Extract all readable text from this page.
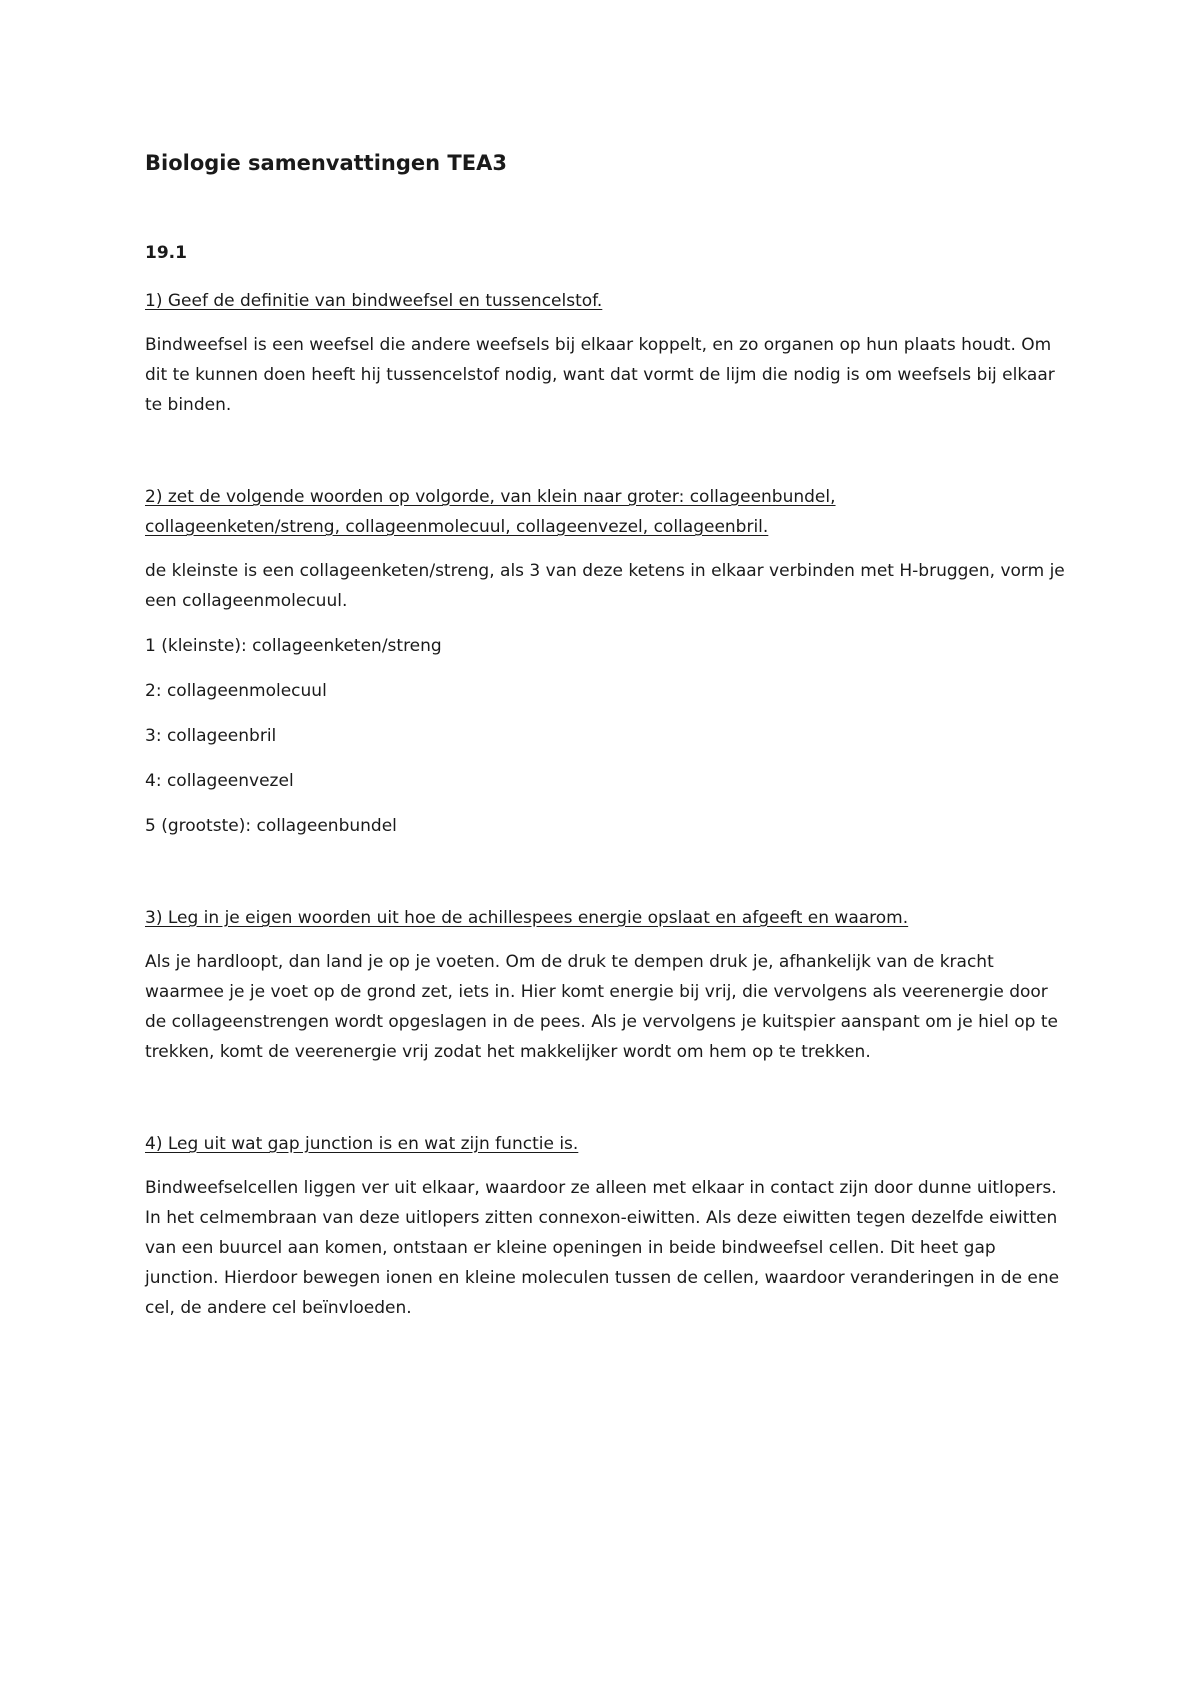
Biologie samenvattingen TEA3

19.1

1) Geef de definitie van bindweefsel en tussencelstof.

Bindweefsel is een weefsel die andere weefsels bij elkaar koppelt, en zo organen op hun plaats houdt. Om dit te kunnen doen heeft hij tussencelstof nodig, want dat vormt de lijm die nodig is om weefsels bij elkaar te binden.

2) zet de volgende woorden op volgorde, van klein naar groter: collageenbundel,

collageenketen/streng, collageenmolecuul, collageenvezel, collageenbril.

de kleinste is een collageenketen/streng, als 3 van deze ketens in elkaar verbinden met H-bruggen, vorm je een collageenmolecuul.

1 (kleinste): collageenketen/streng

2: collageenmolecuul

3: collageenbril

4: collageenvezel

5 (grootste): collageenbundel

3) Leg in je eigen woorden uit hoe de achillespees energie opslaat en afgeeft en waarom.

Als je hardloopt, dan land je op je voeten. Om de druk te dempen druk je, afhankelijk van de kracht waarmee je je voet op de grond zet, iets in. Hier komt energie bij vrij, die vervolgens als veerenergie door de collageenstrengen wordt opgeslagen in de pees. Als je vervolgens je kuitspier aanspant om je hiel op te trekken, komt de veerenergie vrij zodat het makkelijker wordt om hem op te trekken.

4) Leg uit wat gap junction is en wat zijn functie is.

Bindweefselcellen liggen ver uit elkaar, waardoor ze alleen met elkaar in contact zijn door dunne uitlopers. In het celmembraan van deze uitlopers zitten connexon-eiwitten. Als deze eiwitten tegen dezelfde eiwitten van een buurcel aan komen, ontstaan er kleine openingen in beide bindweefsel cellen. Dit heet gap junction. Hierdoor bewegen ionen en kleine moleculen tussen de cellen, waardoor veranderingen in de ene cel, de andere cel beïnvloeden.
